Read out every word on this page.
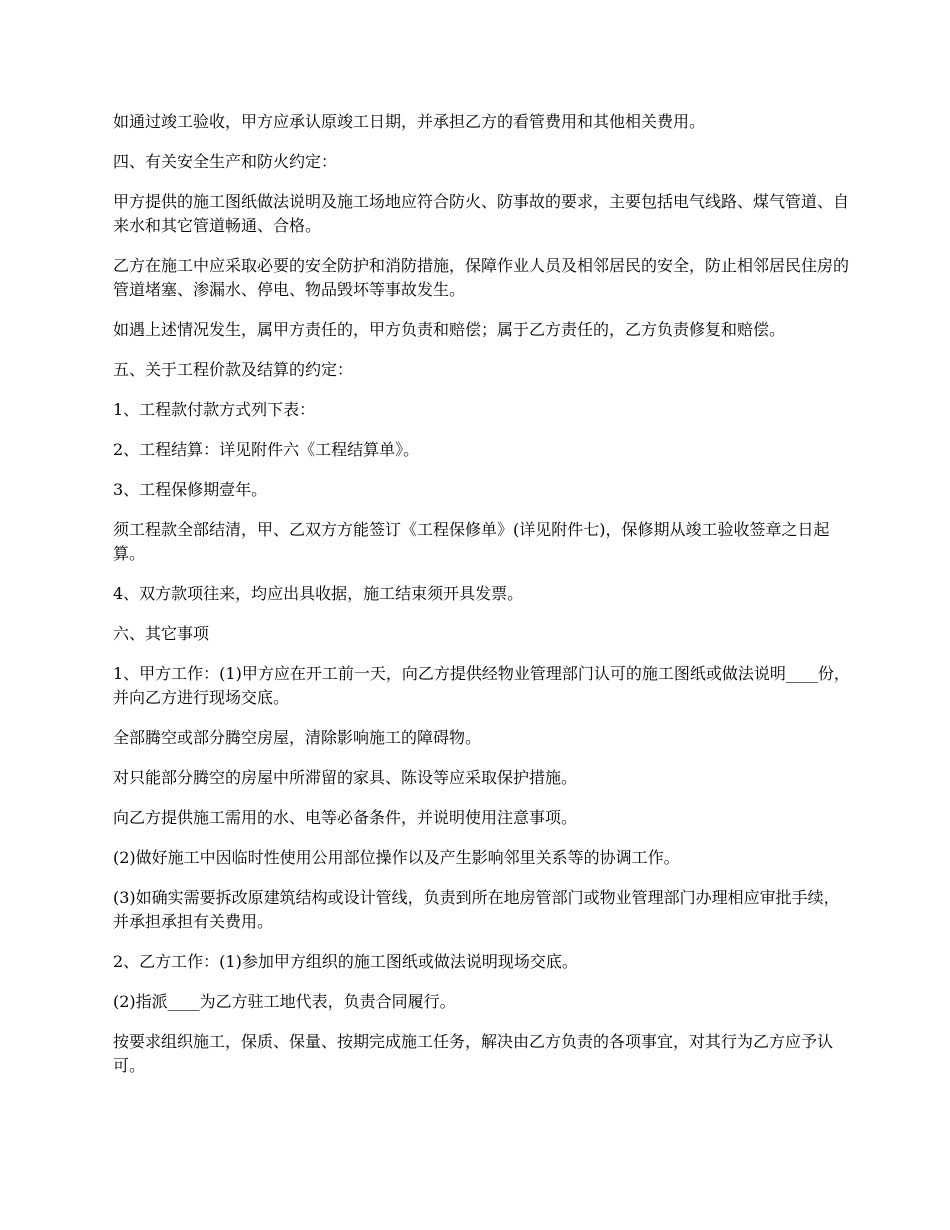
如通过竣工验收，甲方应承认原竣工日期，并承担乙方的看管费用和其他相关费用。

四、有关安全生产和防火约定：

甲方提供的施工图纸做法说明及施工场地应符合防火、防事故的要求，主要包括电气线路、煤气管道、自来水和其它管道畅通、合格。

乙方在施工中应采取必要的安全防护和消防措施，保障作业人员及相邻居民的安全，防止相邻居民住房的管道堵塞、渗漏水、停电、物品毁坏等事故发生。

如遇上述情况发生，属甲方责任的，甲方负责和赔偿；属于乙方责任的，乙方负责修复和赔偿。

五、关于工程价款及结算的约定：

1、工程款付款方式列下表：

2、工程结算：详见附件六《工程结算单》。

3、工程保修期壹年。

须工程款全部结清，甲、乙双方方能签订《工程保修单》(详见附件七)，保修期从竣工验收签章之日起算。

4、双方款项往来，均应出具收据，施工结束须开具发票。

六、其它事项

1、甲方工作：(1)甲方应在开工前一天，向乙方提供经物业管理部门认可的施工图纸或做法说明____份，并向乙方进行现场交底。

全部腾空或部分腾空房屋，清除影响施工的障碍物。

对只能部分腾空的房屋中所滞留的家具、陈设等应采取保护措施。

向乙方提供施工需用的水、电等必备条件，并说明使用注意事项。

(2)做好施工中因临时性使用公用部位操作以及产生影响邻里关系等的协调工作。

(3)如确实需要拆改原建筑结构或设计管线，负责到所在地房管部门或物业管理部门办理相应审批手续，并承担承担有关费用。

2、乙方工作：(1)参加甲方组织的施工图纸或做法说明现场交底。

(2)指派____为乙方驻工地代表，负责合同履行。

按要求组织施工，保质、保量、按期完成施工任务，解决由乙方负责的各项事宜，对其行为乙方应予认可。
